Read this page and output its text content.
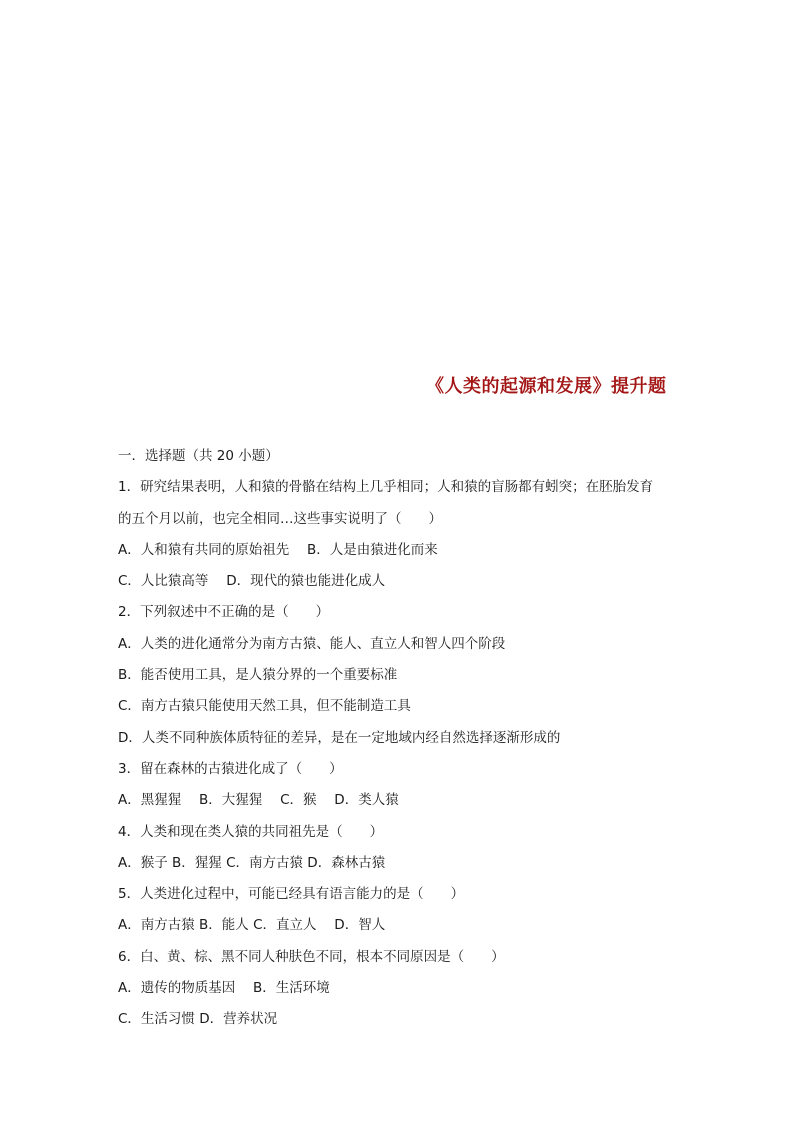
《人类的起源和发展》提升题
一．选择题（共 20 小题）
1．研究结果表明，人和猿的骨骼在结构上几乎相同；人和猿的盲肠都有蚓突；在胚胎发育
的五个月以前，也完全相同…这些事实说明了（　　）
A．人和猿有共同的原始祖先　 B．人是由猿进化而来
C．人比猿高等　 D．现代的猿也能进化成人
2．下列叙述中不正确的是（　　）
A．人类的进化通常分为南方古猿、能人、直立人和智人四个阶段
B．能否使用工具，是人猿分界的一个重要标准
C．南方古猿只能使用天然工具，但不能制造工具
D．人类不同种族体质特征的差异，是在一定地域内经自然选择逐渐形成的
3．留在森林的古猿进化成了（　　）
A．黑猩猩　 B．大猩猩　 C．猴　 D．类人猿
4．人类和现在类人猿的共同祖先是（　　）
A．猴子 B．猩猩 C．南方古猿 D．森林古猿
5．人类进化过程中，可能已经具有语言能力的是（　　）
A．南方古猿 B．能人 C．直立人　 D．智人
6．白、黄、棕、黑不同人种肤色不同，根本不同原因是（　　）
A．遗传的物质基因　 B．生活环境
C．生活习惯 D．营养状况
